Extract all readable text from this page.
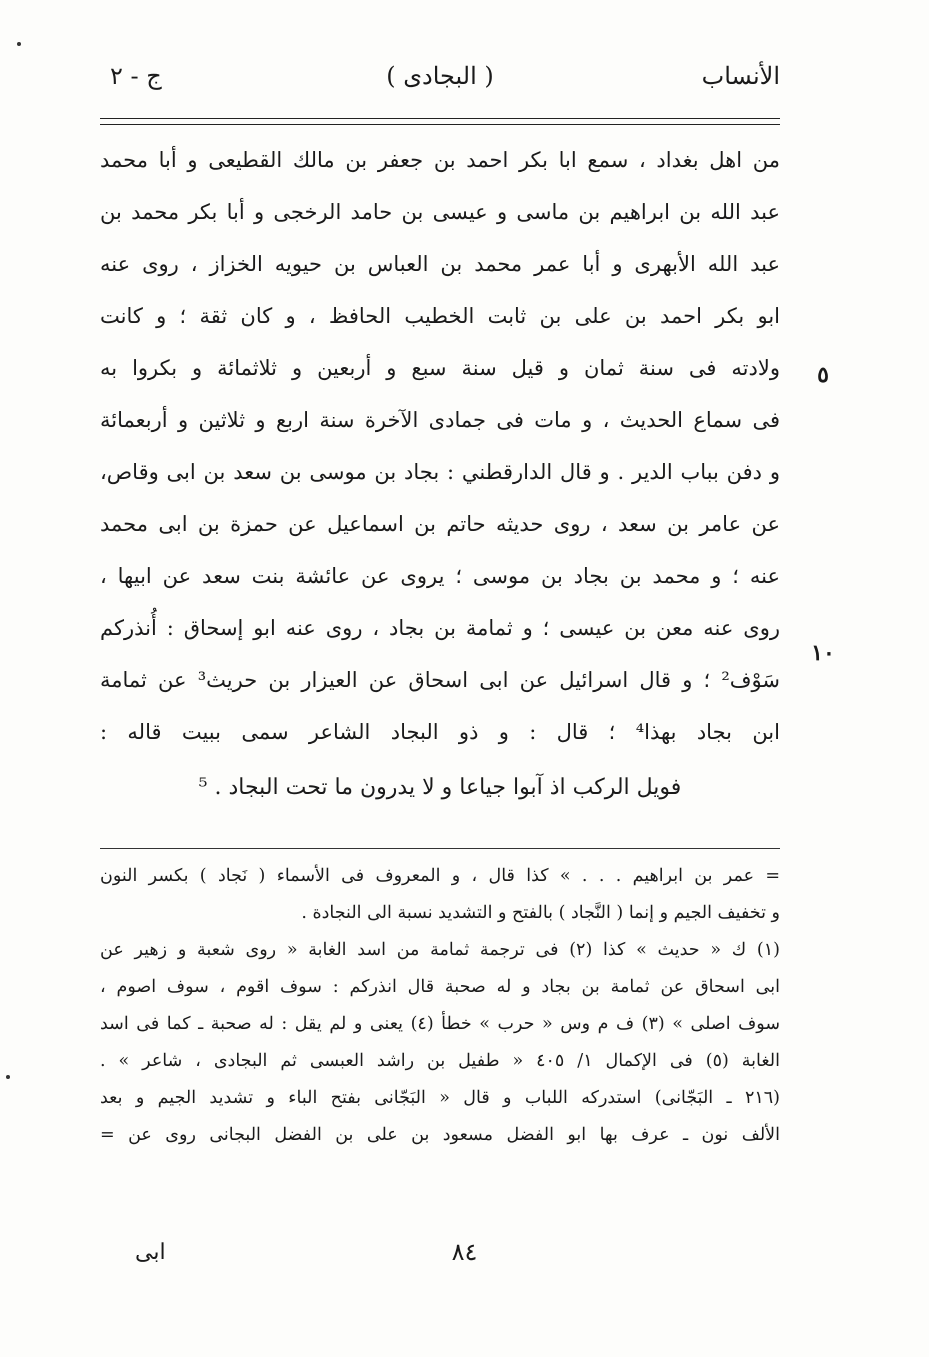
الأنساب
( البجادى )
ج - ٢
من اهل بغداد ، سمع ابا بكر احمد بن جعفر بن مالك القطيعى و أبا محمد
عبد الله بن ابراهيم بن ماسى و عيسى بن حامد الرخجى و أبا بكر محمد بن
عبد الله الأبهرى و أبا عمر محمد بن العباس بن حيويه الخزاز ، روى عنه
ابو بكر احمد بن على بن ثابت الخطيب الحافظ ، و كان ثقة ؛ و كانت
ولادته فى سنة ثمان و قيل سنة سبع و أربعين و ثلاثمائة و بكروا به
فى سماع الحديث ، و مات فى جمادى الآخرة سنة اربع و ثلاثين و أربعمائة
و دفن بباب الدير . و قال الدارقطني : بجاد بن موسى بن سعد بن ابى وقاص،
عن عامر بن سعد ، روى حديثه حاتم بن اسماعيل عن حمزة بن ابى محمد
عنه ؛ و محمد بن بجاد بن موسى ؛ يروى عن عائشة بنت سعد عن ابيها ،
روى عنه معن بن عيسى ؛ و ثمامة بن بجاد ، روى عنه ابو إسحاق : أُنذركم
سَوْف² ؛ و قال اسرائيل عن ابى اسحاق عن العيزار بن حريث³ عن ثمامة
ابن بجاد بهذا⁴ ؛ قال : و ذو البجاد الشاعر سمى ببيت قاله :
فويل الركب اذ آبوا جياعا و لا يدرون ما تحت البجاد . ⁵
٥
١٠
= عمر بن ابراهيم . . . » كذا قال ، و المعروف فى الأسماء ( نَجاد ) بكسر النون
و تخفيف الجيم و إنما ( النَّجاد ) بالفتح و التشديد نسبة الى النجادة .
(١) ك « حديث » كذا (٢) فى ترجمة ثمامة من اسد الغابة « روى شعبة و زهير عن
ابى اسحاق عن ثمامة بن بجاد و له صحبة قال انذركم : سوف اقوم ، سوف اصوم ،
سوف اصلى » (٣) ف م وس « حرب » خطأ (٤) يعنى و لم يقل : له صحبة ـ كما فى اسد
الغابة (٥) فى الإكمال ١/ ٤٠٥ « طفيل بن راشد العبسى ثم البجادى ، شاعر » .
(٢١٦ ـ البَجّانى) استدركه اللباب و قال « البَجّانى بفتح الباء و تشديد الجيم و بعد
الألف نون ـ عرف بها ابو الفضل مسعود بن على بن الفضل البجانى روى عن =
٨٤
ابى
